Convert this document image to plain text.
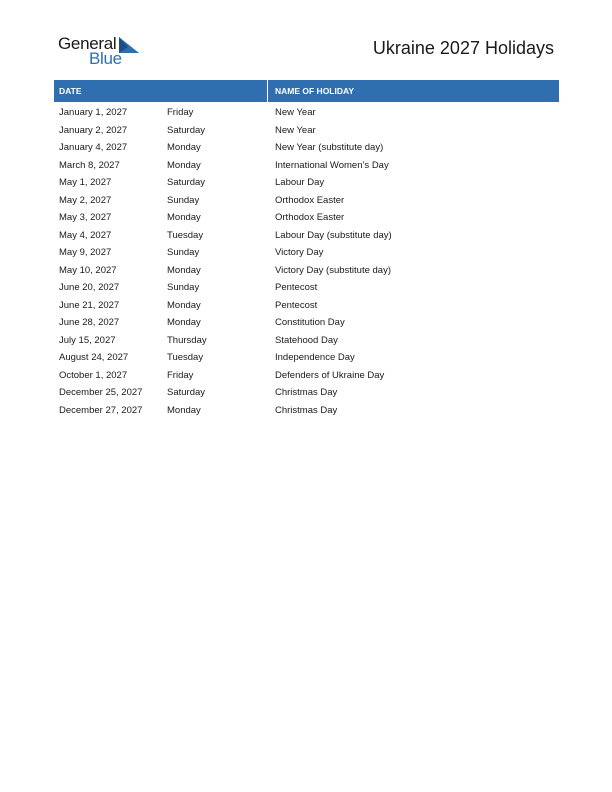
General
Blue
Ukraine 2027 Holidays
DATE	NAME OF HOLIDAY
January 1, 2027	Friday	New Year
January 2, 2027	Saturday	New Year
January 4, 2027	Monday	New Year (substitute day)
March 8, 2027	Monday	International Women’s Day
May 1, 2027	Saturday	Labour Day
May 2, 2027	Sunday	Orthodox Easter
May 3, 2027	Monday	Orthodox Easter
May 4, 2027	Tuesday	Labour Day (substitute day)
May 9, 2027	Sunday	Victory Day
May 10, 2027	Monday	Victory Day (substitute day)
June 20, 2027	Sunday	Pentecost
June 21, 2027	Monday	Pentecost
June 28, 2027	Monday	Constitution Day
July 15, 2027	Thursday	Statehood Day
August 24, 2027	Tuesday	Independence Day
October 1, 2027	Friday	Defenders of Ukraine Day
December 25, 2027	Saturday	Christmas Day
December 27, 2027	Monday	Christmas Day
